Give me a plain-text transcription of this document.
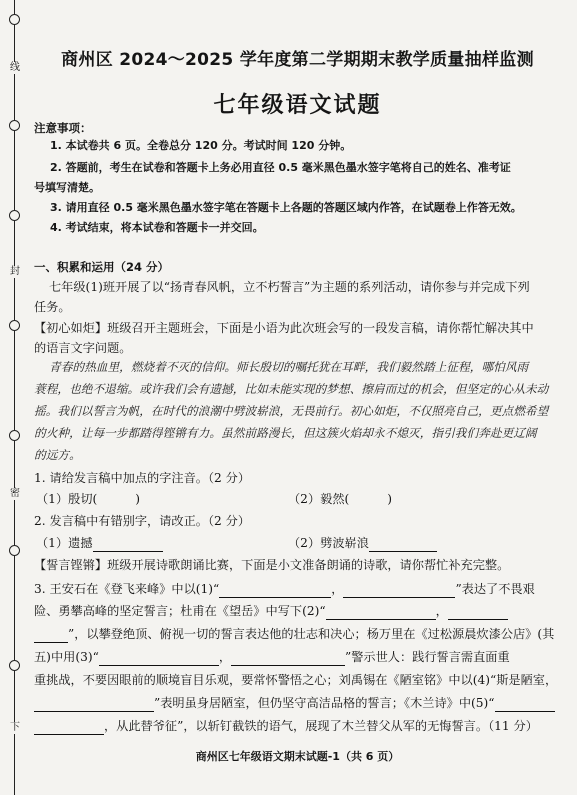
线
封
密
下
商州区 2024～2025 学年度第二学期期末教学质量抽样监测
七年级语文试题
注意事项：
1. 本试卷共 6 页。全卷总分 120 分。考试时间 120 分钟。
2. 答题前，考生在试卷和答题卡上务必用直径 0.5 毫米黑色墨水签字笔将自己的姓名、准考证
号填写清楚。
3. 请用直径 0.5 毫米黑色墨水签字笔在答题卡上各题的答题区域内作答，在试题卷上作答无效。
4. 考试结束，将本试卷和答题卡一并交回。
一、积累和运用（24 分）
七年级(1)班开展了以“扬青春风帆，立不朽誓言”为主题的系列活动，请你参与并完成下列
任务。
【初心如炬】班级召开主题班会，下面是小语为此次班会写的一段发言稿，请你帮忙解决其中
的语言文字问题。
青春的热血里，燃烧着不灭的信仰。师长殷切的嘱托犹在耳畔，我们毅然踏上征程，哪怕风雨
蓑程，也绝不退缩。或许我们会有遗撼，比如未能实现的梦想、擦肩而过的机会，但坚定的心从未动
摇。我们以誓言为帆，在时代的浪潮中劈波崭浪，无畏前行。初心如炬，不仅照亮自己，更点燃希望
的火种，让每一步都踏得铿锵有力。虽然前路漫长，但这簇火焰却永不熄灭，指引我们奔赴更辽阔
的远方。
1. 请给发言稿中加点的字注音。（2 分）
（1）殷切(	)	（2）毅然(	)
2. 发言稿中有错别字，请改正。（2 分）
（1）遗撼	（2）劈波崭浪
【誓言铿锵】班级开展诗歌朗诵比赛，下面是小文准备朗诵的诗歌，请你帮忙补充完整。
3. 王安石在《登飞来峰》中以(1)“	，	”表达了不畏艰
险、勇攀高峰的坚定誓言；杜甫在《望岳》中写下(2)“	，
”，以攀登绝顶、俯视一切的誓言表达他的壮志和决心；杨万里在《过松源晨炊漆公店》(其
五)中用(3)“	，	”警示世人：践行誓言需直面重
重挑战，不要因眼前的顺境盲目乐观，要常怀警悟之心；刘禹锡在《陋室铭》中以(4)“斯是陋室，
”表明虽身居陋室，但仍坚守高洁品格的誓言；《木兰诗》中(5)“
，从此替爷征”，以斩钉截铁的语气，展现了木兰替父从军的无悔誓言。（11 分）
商州区七年级语文期末试题-1（共 6 页）
